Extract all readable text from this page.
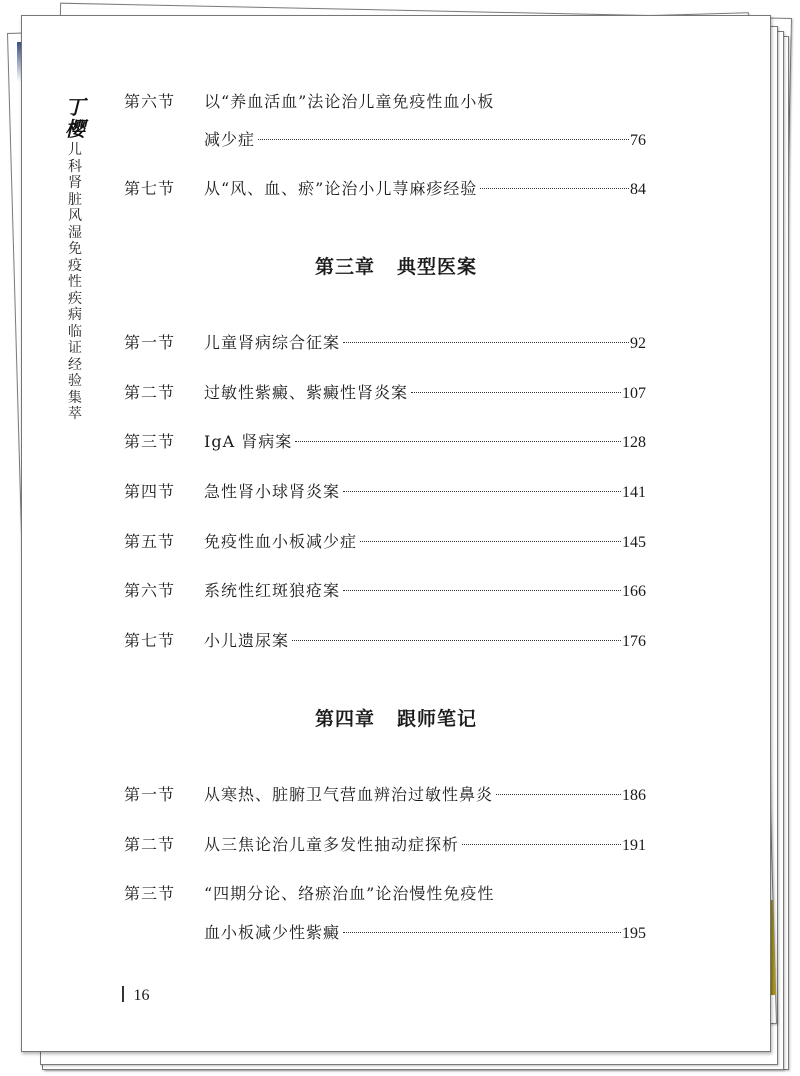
丁樱
儿
科
肾
脏
风
湿
免
疫
性
疾
病
临
证
经
验
集
萃
第六节 以“养血活血”法论治儿童免疫性血小板
减少症	76
第七节 从“风、血、瘀”论治小儿荨麻疹经验	84
第三章 典型医案
第一节 儿童肾病综合征案	92
第二节 过敏性紫癜、紫癜性肾炎案	107
第三节 IgA 肾病案	128
第四节 急性肾小球肾炎案	141
第五节 免疫性血小板减少症	145
第六节 系统性红斑狼疮案	166
第七节 小儿遗尿案	176
第四章 跟师笔记
第一节 从寒热、脏腑卫气营血辨治过敏性鼻炎	186
第二节 从三焦论治儿童多发性抽动症探析	191
第三节 “四期分论、络瘀治血”论治慢性免疫性
血小板减少性紫癜	195
16
